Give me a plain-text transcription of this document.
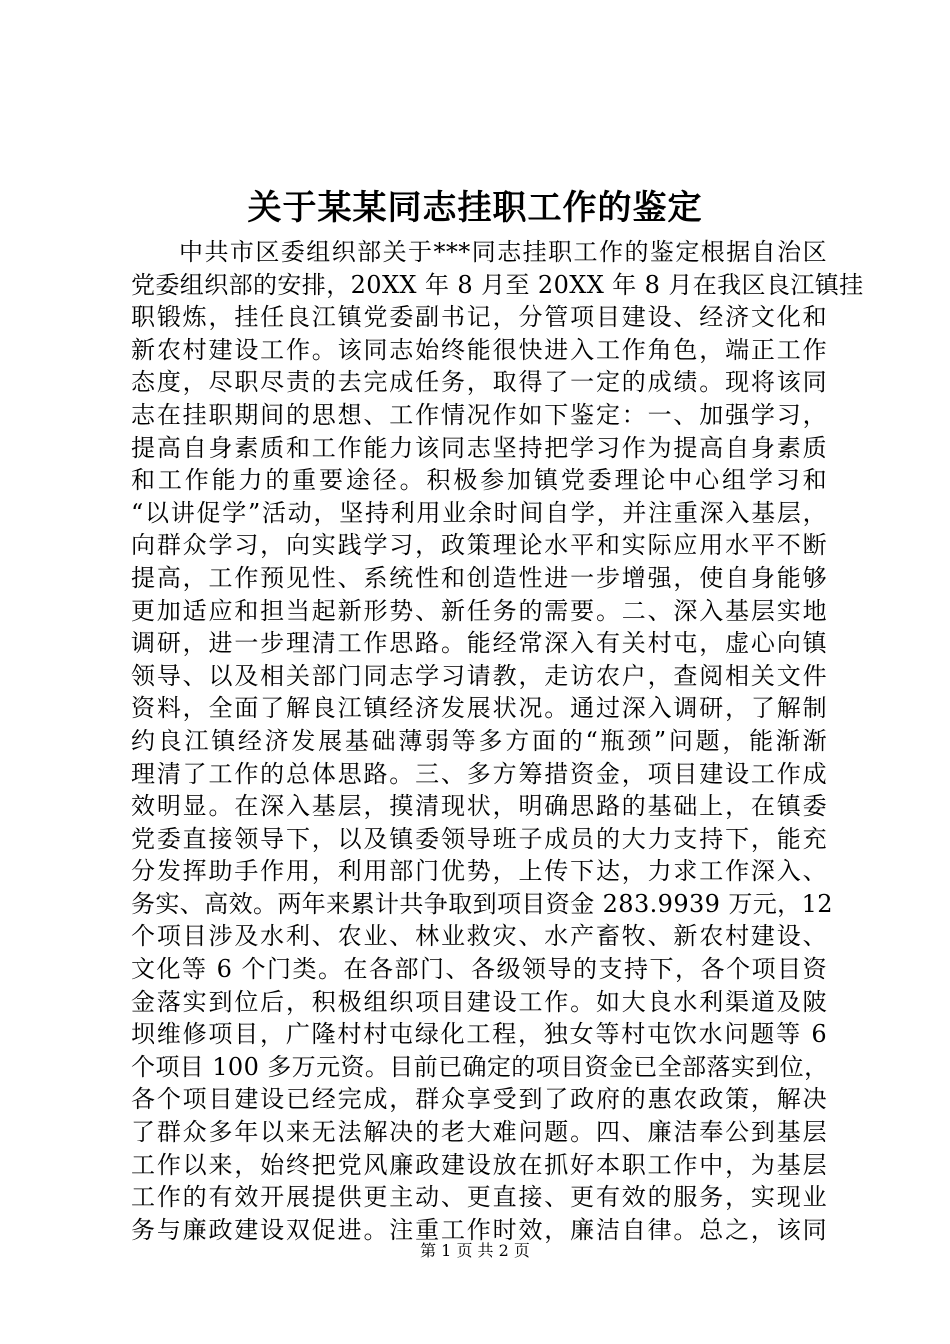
关于某某同志挂职工作的鉴定
中共市区委组织部关于***同志挂职工作的鉴定根据自治区
党委组织部的安排，20XX 年 8 月至 20XX 年 8 月在我区良江镇挂
职锻炼，挂任良江镇党委副书记，分管项目建设、经济文化和
新农村建设工作。该同志始终能很快进入工作角色，端正工作
态度，尽职尽责的去完成任务，取得了一定的成绩。现将该同
志在挂职期间的思想、工作情况作如下鉴定：一、加强学习，
提高自身素质和工作能力该同志坚持把学习作为提高自身素质
和工作能力的重要途径。积极参加镇党委理论中心组学习和
“以讲促学”活动，坚持利用业余时间自学，并注重深入基层，
向群众学习，向实践学习，政策理论水平和实际应用水平不断
提高，工作预见性、系统性和创造性进一步增强，使自身能够
更加适应和担当起新形势、新任务的需要。二、深入基层实地
调研，进一步理清工作思路。能经常深入有关村屯，虚心向镇
领导、以及相关部门同志学习请教，走访农户，查阅相关文件
资料，全面了解良江镇经济发展状况。通过深入调研，了解制
约良江镇经济发展基础薄弱等多方面的“瓶颈”问题，能渐渐
理清了工作的总体思路。三、多方筹措资金，项目建设工作成
效明显。在深入基层，摸清现状，明确思路的基础上，在镇委
党委直接领导下，以及镇委领导班子成员的大力支持下，能充
分发挥助手作用，利用部门优势，上传下达，力求工作深入、
务实、高效。两年来累计共争取到项目资金 283.9939 万元，12
个项目涉及水利、农业、林业救灾、水产畜牧、新农村建设、
文化等 6 个门类。在各部门、各级领导的支持下，各个项目资
金落实到位后，积极组织项目建设工作。如大良水利渠道及陂
坝维修项目，广隆村村屯绿化工程，独女等村屯饮水问题等 6
个项目 100 多万元资。目前已确定的项目资金已全部落实到位，
各个项目建设已经完成，群众享受到了政府的惠农政策，解决
了群众多年以来无法解决的老大难问题。四、廉洁奉公到基层
工作以来，始终把党风廉政建设放在抓好本职工作中，为基层
工作的有效开展提供更主动、更直接、更有效的服务，实现业
务与廉政建设双促进。注重工作时效，廉洁自律。总之，该同
第 1 页 共 2 页
